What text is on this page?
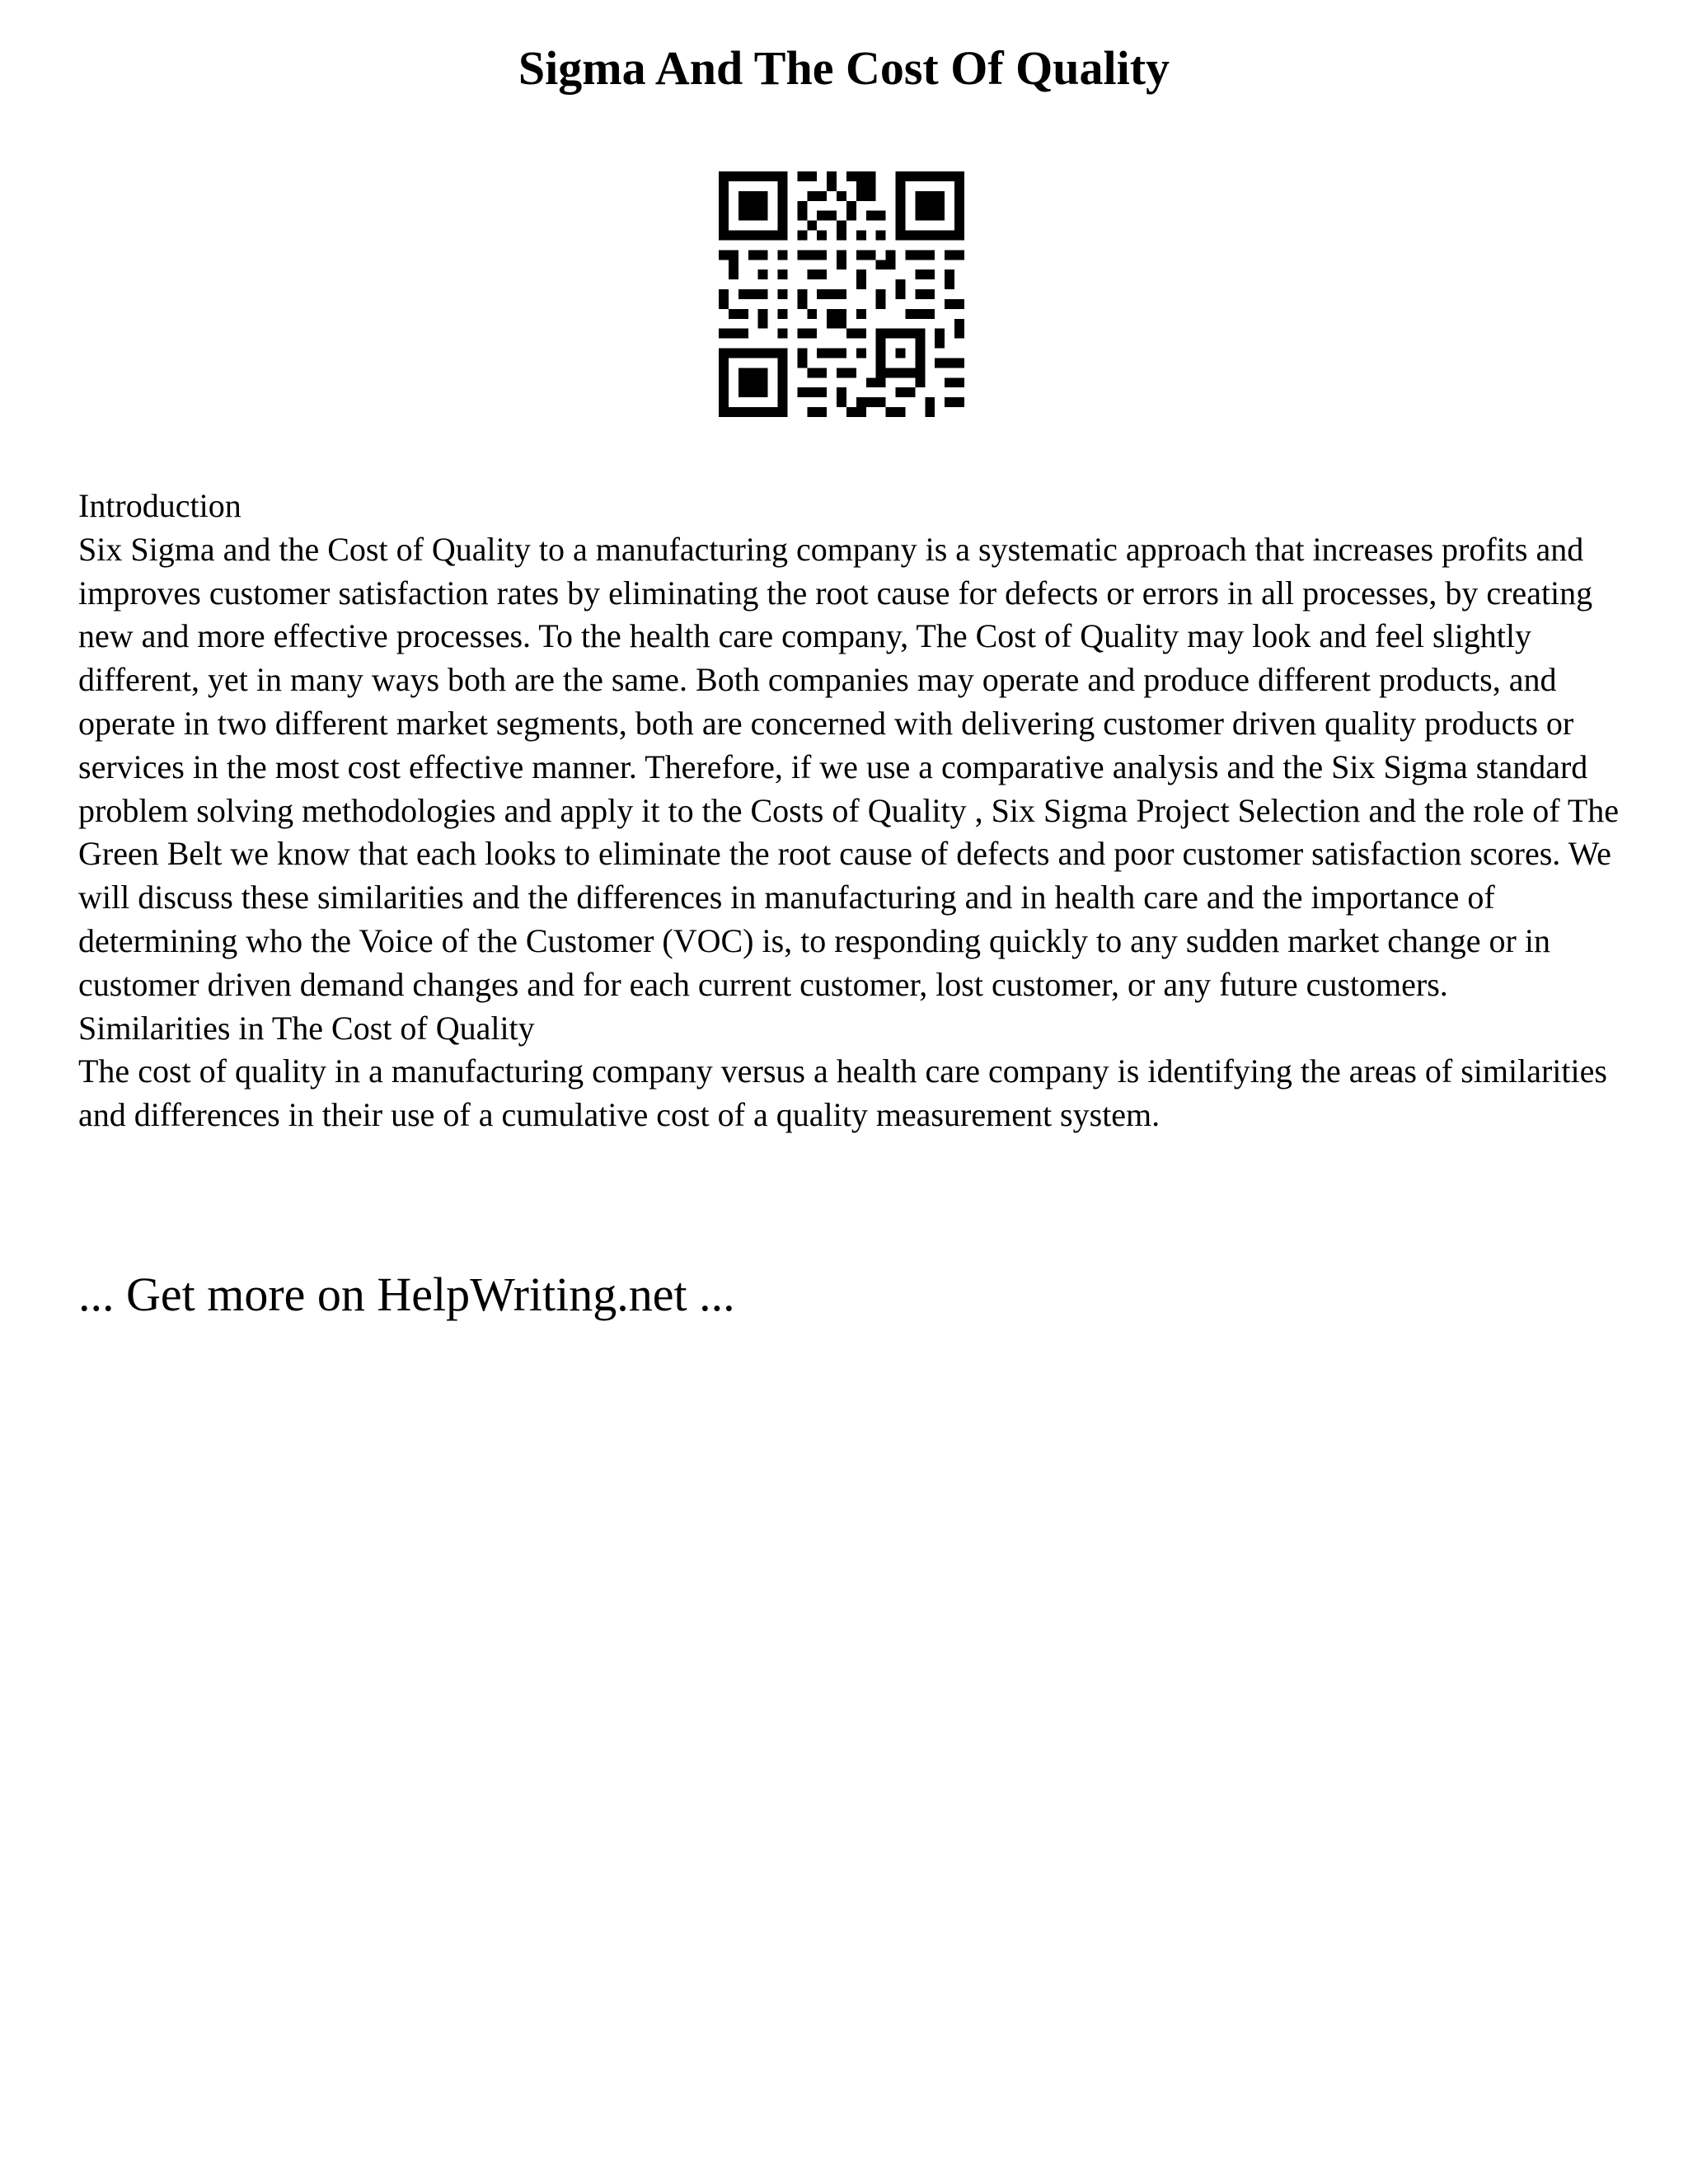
Sigma And The Cost Of Quality

Introduction

Six Sigma and the Cost of Quality to a manufacturing company is a systematic approach that increases profits and improves customer satisfaction rates by eliminating the root cause for defects or errors in all processes, by creating new and more effective processes. To the health care company, The Cost of Quality may look and feel slightly different, yet in many ways both are the same. Both companies may operate and produce different products, and operate in two different market segments, both are concerned with delivering customer driven quality products or services in the most cost effective manner. Therefore, if we use a comparative analysis and the Six Sigma standard problem solving methodologies and apply it to the Costs of Quality , Six Sigma Project Selection and the role of The Green Belt we know that each looks to eliminate the root cause of defects and poor customer satisfaction scores. We will discuss these similarities and the differences in manufacturing and in health care and the importance of determining who the Voice of the Customer (VOC) is, to responding quickly to any sudden market change or in customer driven demand changes and for each current customer, lost customer, or any future customers.

Similarities in The Cost of Quality

The cost of quality in a manufacturing company versus a health care company is identifying the areas of similarities and differences in their use of a cumulative cost of a quality measurement system.

... Get more on HelpWriting.net ...
